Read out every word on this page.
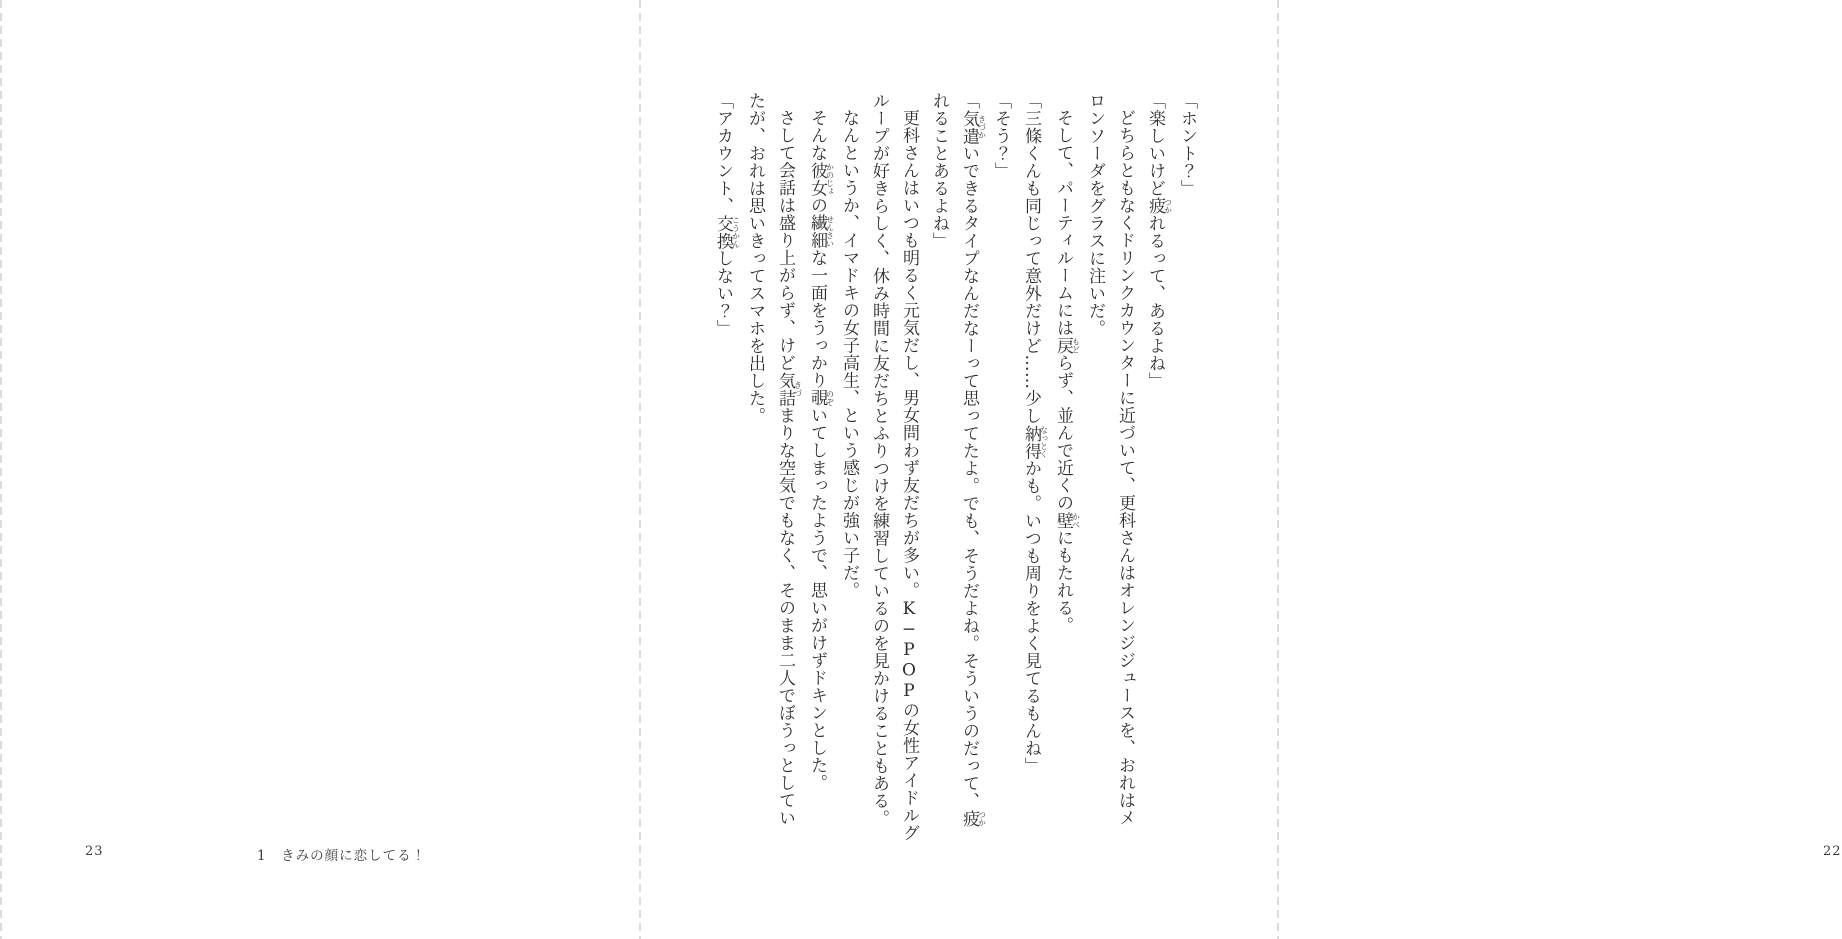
「ホント？」
「楽しいけど疲つかれるって、あるよね」
どちらともなくドリンクカウンターに近づいて、更科さんはオレンジジュースを、おれはメ
ロンソーダをグラスに注いだ。
そして、パーティルームには戻もどらず、並んで近くの壁かべにもたれる。
「三條くんも同じって意外だけど……少し納得なっとくかも。いつも周りをよく見てるもんね」
「そう？」
「気遣きづかいできるタイプなんだなーって思ってたよ。でも、そうだよね。そういうのだって、疲つか
れることあるよね」
更科さんはいつも明るく元気だし、男女問わず友だちが多い。K−POPの女性アイドルグ
ループが好きらしく、休み時間に友だちとふりつけを練習しているのを見かけることもある。
なんというか、イマドキの女子高生、という感じが強い子だ。
そんな彼女かのじょの繊細せんさいな一面をうっかり覗のぞいてしまったようで、思いがけずドキンとした。
さして会話は盛り上がらず、けど気詰きづまりな空気でもなく、そのまま二人でぼうっとしてい
たが、おれは思いきってスマホを出した。
「アカウント、交換こうかんしない？」
22
23	1　きみの顔に恋してる！
